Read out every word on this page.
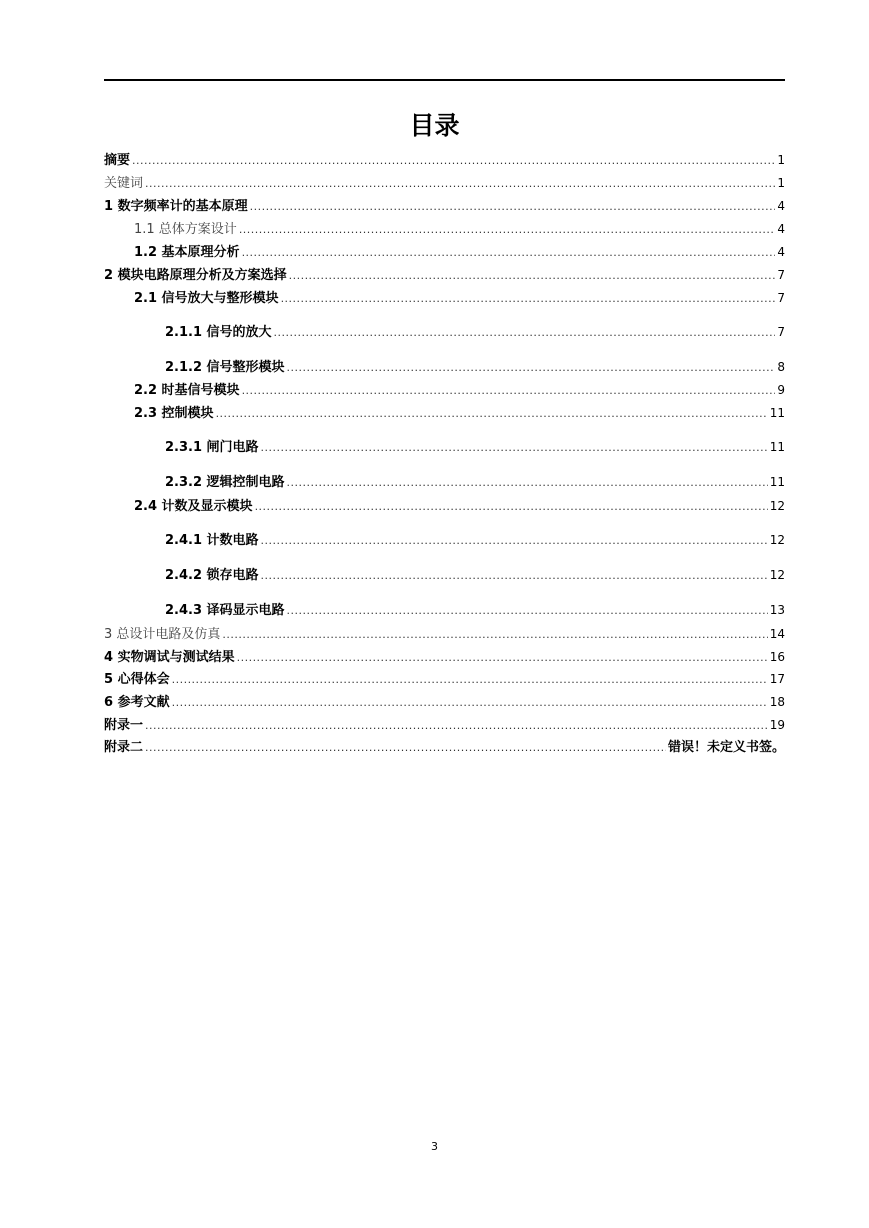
目录
摘要 .....	1
关键词 .....	1
1 数字频率计的基本原理 .....	4
1.1 总体方案设计 .....	4
1.2 基本原理分析 .....	4
2 模块电路原理分析及方案选择 .....	7
2.1 信号放大与整形模块 .....	7
2.1.1 信号的放大 .....	7
2.1.2 信号整形模块 .....	8
2.2 时基信号模块 .....	9
2.3 控制模块 .....	11
2.3.1 闸门电路 .....	11
2.3.2 逻辑控制电路 .....	11
2.4 计数及显示模块 .....	12
2.4.1 计数电路 .....	12
2.4.2 锁存电路 .....	12
2.4.3 译码显示电路 .....	13
3 总设计电路及仿真 .....	14
4 实物调试与测试结果 .....	16
5 心得体会 .....	17
6 参考文献 .....	18
附录一 .....	19
附录二 .....	错误！未定义书签。
3
